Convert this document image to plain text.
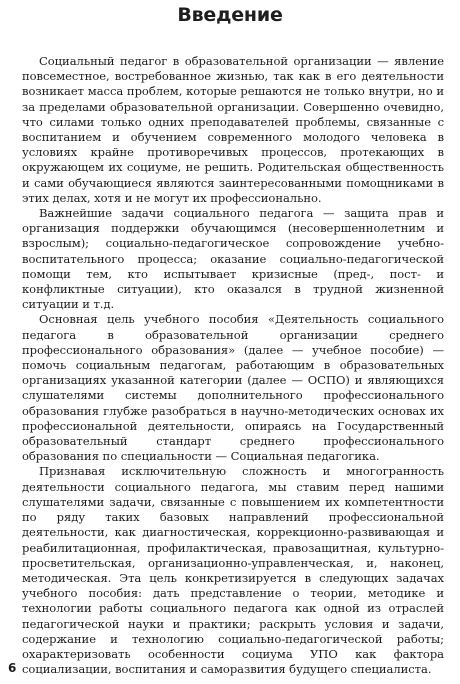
Введение

Социальный педагог в образовательной организации — явление повсеместное, востребованное жизнью, так как в его деятельности возникает масса проблем, которые решаются не только внутри, но и за пределами образовательной организации. Совершенно очевидно, что силами только одних преподавателей проблемы, связанные с воспитанием и обучением современного молодого человека в условиях крайне противоречивых процессов, протекающих в окружающем их социуме, не решить. Родительская общественность и сами обучающиеся являются заинтересованными помощниками в этих делах, хотя и не могут их профессионально.

Важнейшие задачи социального педагога — защита прав и организация поддержки обучающимся (несовершеннолетним и взрослым); социально-педагогическое сопровождение учебно-воспитательного процесса; оказание социально-педагогической помощи тем, кто испытывает кризисные (пред-, пост- и конфликтные ситуации), кто оказался в трудной жизненной ситуации и т.д.

Основная цель учебного пособия «Деятельность социального педагога в образовательной организации среднего профессионального образования» (далее — учебное пособие) — помочь социальным педагогам, работающим в образовательных организациях указанной категории (далее — ОСПО) и являющихся слушателями системы дополнительного профессионального образования глубже разобраться в научно-методических основах их профессиональной деятельности, опираясь на Государственный образовательный стандарт среднего профессионального образования по специальности — Социальная педагогика.

Признавая исключительную сложность и многогранность деятельности социального педагога, мы ставим перед нашими слушателями задачи, связанные с повышением их компетентности по ряду таких базовых направлений профессиональной деятельности, как диагностическая, коррекционно-развивающая и реабилитационная, профилактическая, правозащитная, культурно-просветительская, организационно-управленческая, и, наконец, методическая. Эта цель конкретизируется в следующих задачах учебного пособия: дать представление о теории, методике и технологии работы социального педагога как одной из отраслей педагогической науки и практики; раскрыть условия и задачи, содержание и технологию социально-педагогической работы; охарактеризовать особенности социума УПО как фактора социализации, воспитания и саморазвития будущего специалиста.

6
